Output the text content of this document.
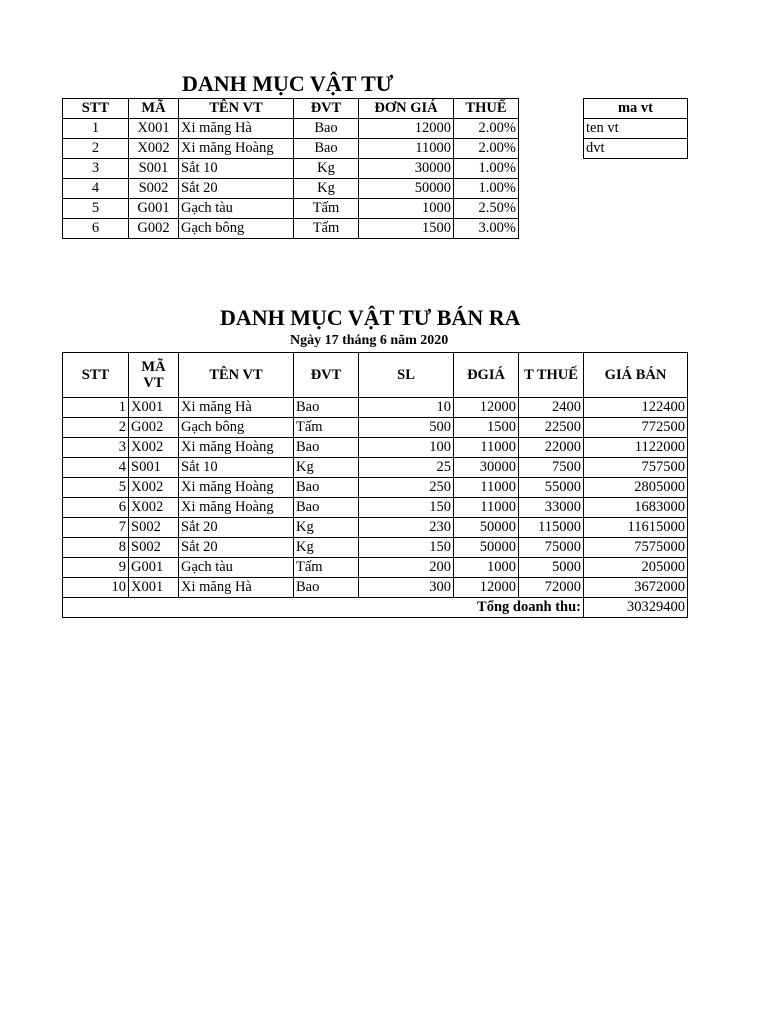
DANH MỤC VẬT TƯ
STT	MÃ	TÊN VT	ĐVT	ĐƠN GIÁ	THUẾ
1	X001	Xi măng Hà	Bao	12000	2.00%
2	X002	Xi măng Hoàng	Bao	11000	2.00%
3	S001	Sắt 10	Kg	30000	1.00%
4	S002	Sắt 20	Kg	50000	1.00%
5	G001	Gạch tàu	Tấm	1000	2.50%
6	G002	Gạch bông	Tấm	1500	3.00%
ma vt
ten vt
dvt
DANH MỤC VẬT TƯ BÁN RA
Ngày 17 tháng 6 năm 2020
STT	MÃ VT	TÊN VT	ĐVT	SL	ĐGIÁ	T THUẾ	GIÁ BÁN
1	X001	Xi măng Hà	Bao	10	12000	2400	122400
2	G002	Gạch bông	Tấm	500	1500	22500	772500
3	X002	Xi măng Hoàng	Bao	100	11000	22000	1122000
4	S001	Sắt 10	Kg	25	30000	7500	757500
5	X002	Xi măng Hoàng	Bao	250	11000	55000	2805000
6	X002	Xi măng Hoàng	Bao	150	11000	33000	1683000
7	S002	Sắt 20	Kg	230	50000	115000	11615000
8	S002	Sắt 20	Kg	150	50000	75000	7575000
9	G001	Gạch tàu	Tấm	200	1000	5000	205000
10	X001	Xi măng Hà	Bao	300	12000	72000	3672000
Tổng doanh thu:							30329400
